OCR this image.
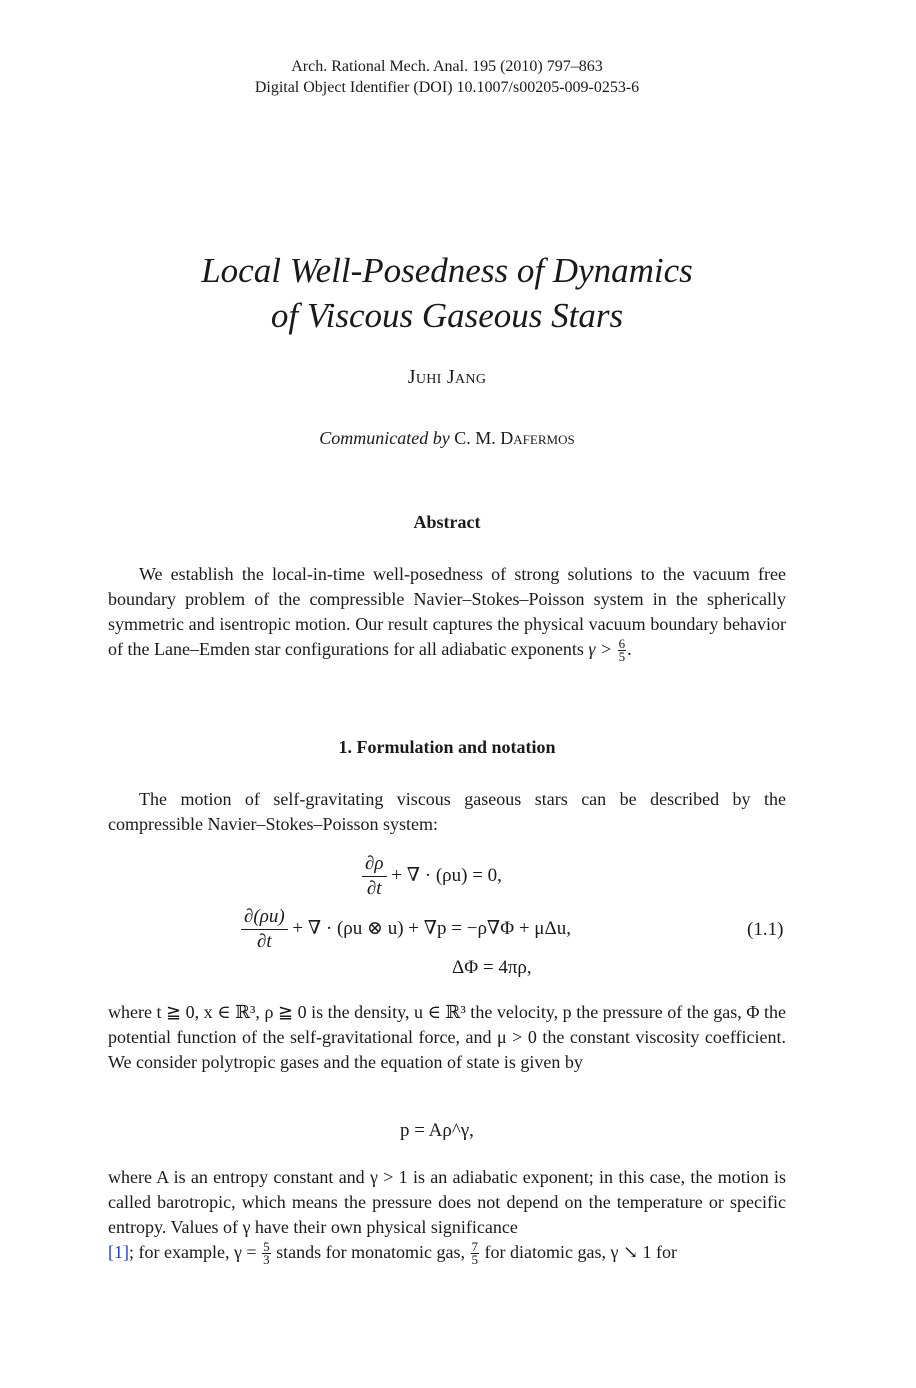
Arch. Rational Mech. Anal. 195 (2010) 797–863
Digital Object Identifier (DOI) 10.1007/s00205-009-0253-6
Local Well-Posedness of Dynamics
of Viscous Gaseous Stars
Juhi Jang
Communicated by C. M. Dafermos
Abstract

We establish the local-in-time well-posedness of strong solutions to the vacuum free boundary problem of the compressible Navier–Stokes–Poisson system in the spherically symmetric and isentropic motion. Our result captures the physical vacuum boundary behavior of the Lane–Emden star configurations for all adiabatic exponents $\gamma > \frac{6}{5}$ .

1. Formulation and notation

The motion of self-gravitating viscous gaseous stars can be described by the compressible Navier–Stokes–Poisson system:

$\frac{\partial\rho}{\partial t}$ + ∇ · (ρu) = 0,
$\frac{\partial(\rho u)}{\partial t}$ + ∇ · (ρu ⊗ u) + ∇p = −ρ∇Φ + μΔu,
ΔΦ = 4πρ,
(1.1)

where t ≧ 0, x ∈ ℝ³, ρ ≧ 0 is the density, u ∈ ℝ³ the velocity, p the pressure of the gas, Φ the potential function of the self-gravitational force, and μ > 0 the constant viscosity coefficient. We consider polytropic gases and the equation of state is given by

p = Aρ^γ,

where A is an entropy constant and γ > 1 is an adiabatic exponent; in this case, the motion is called barotropic, which means the pressure does not depend on the temperature or specific entropy. Values of γ have their own physical significance
[1]; for example, $\gamma = \frac{5}{3}$ stands for monatomic gas, $\frac{7}{5}$ for diatomic gas, γ ↘ 1 for
